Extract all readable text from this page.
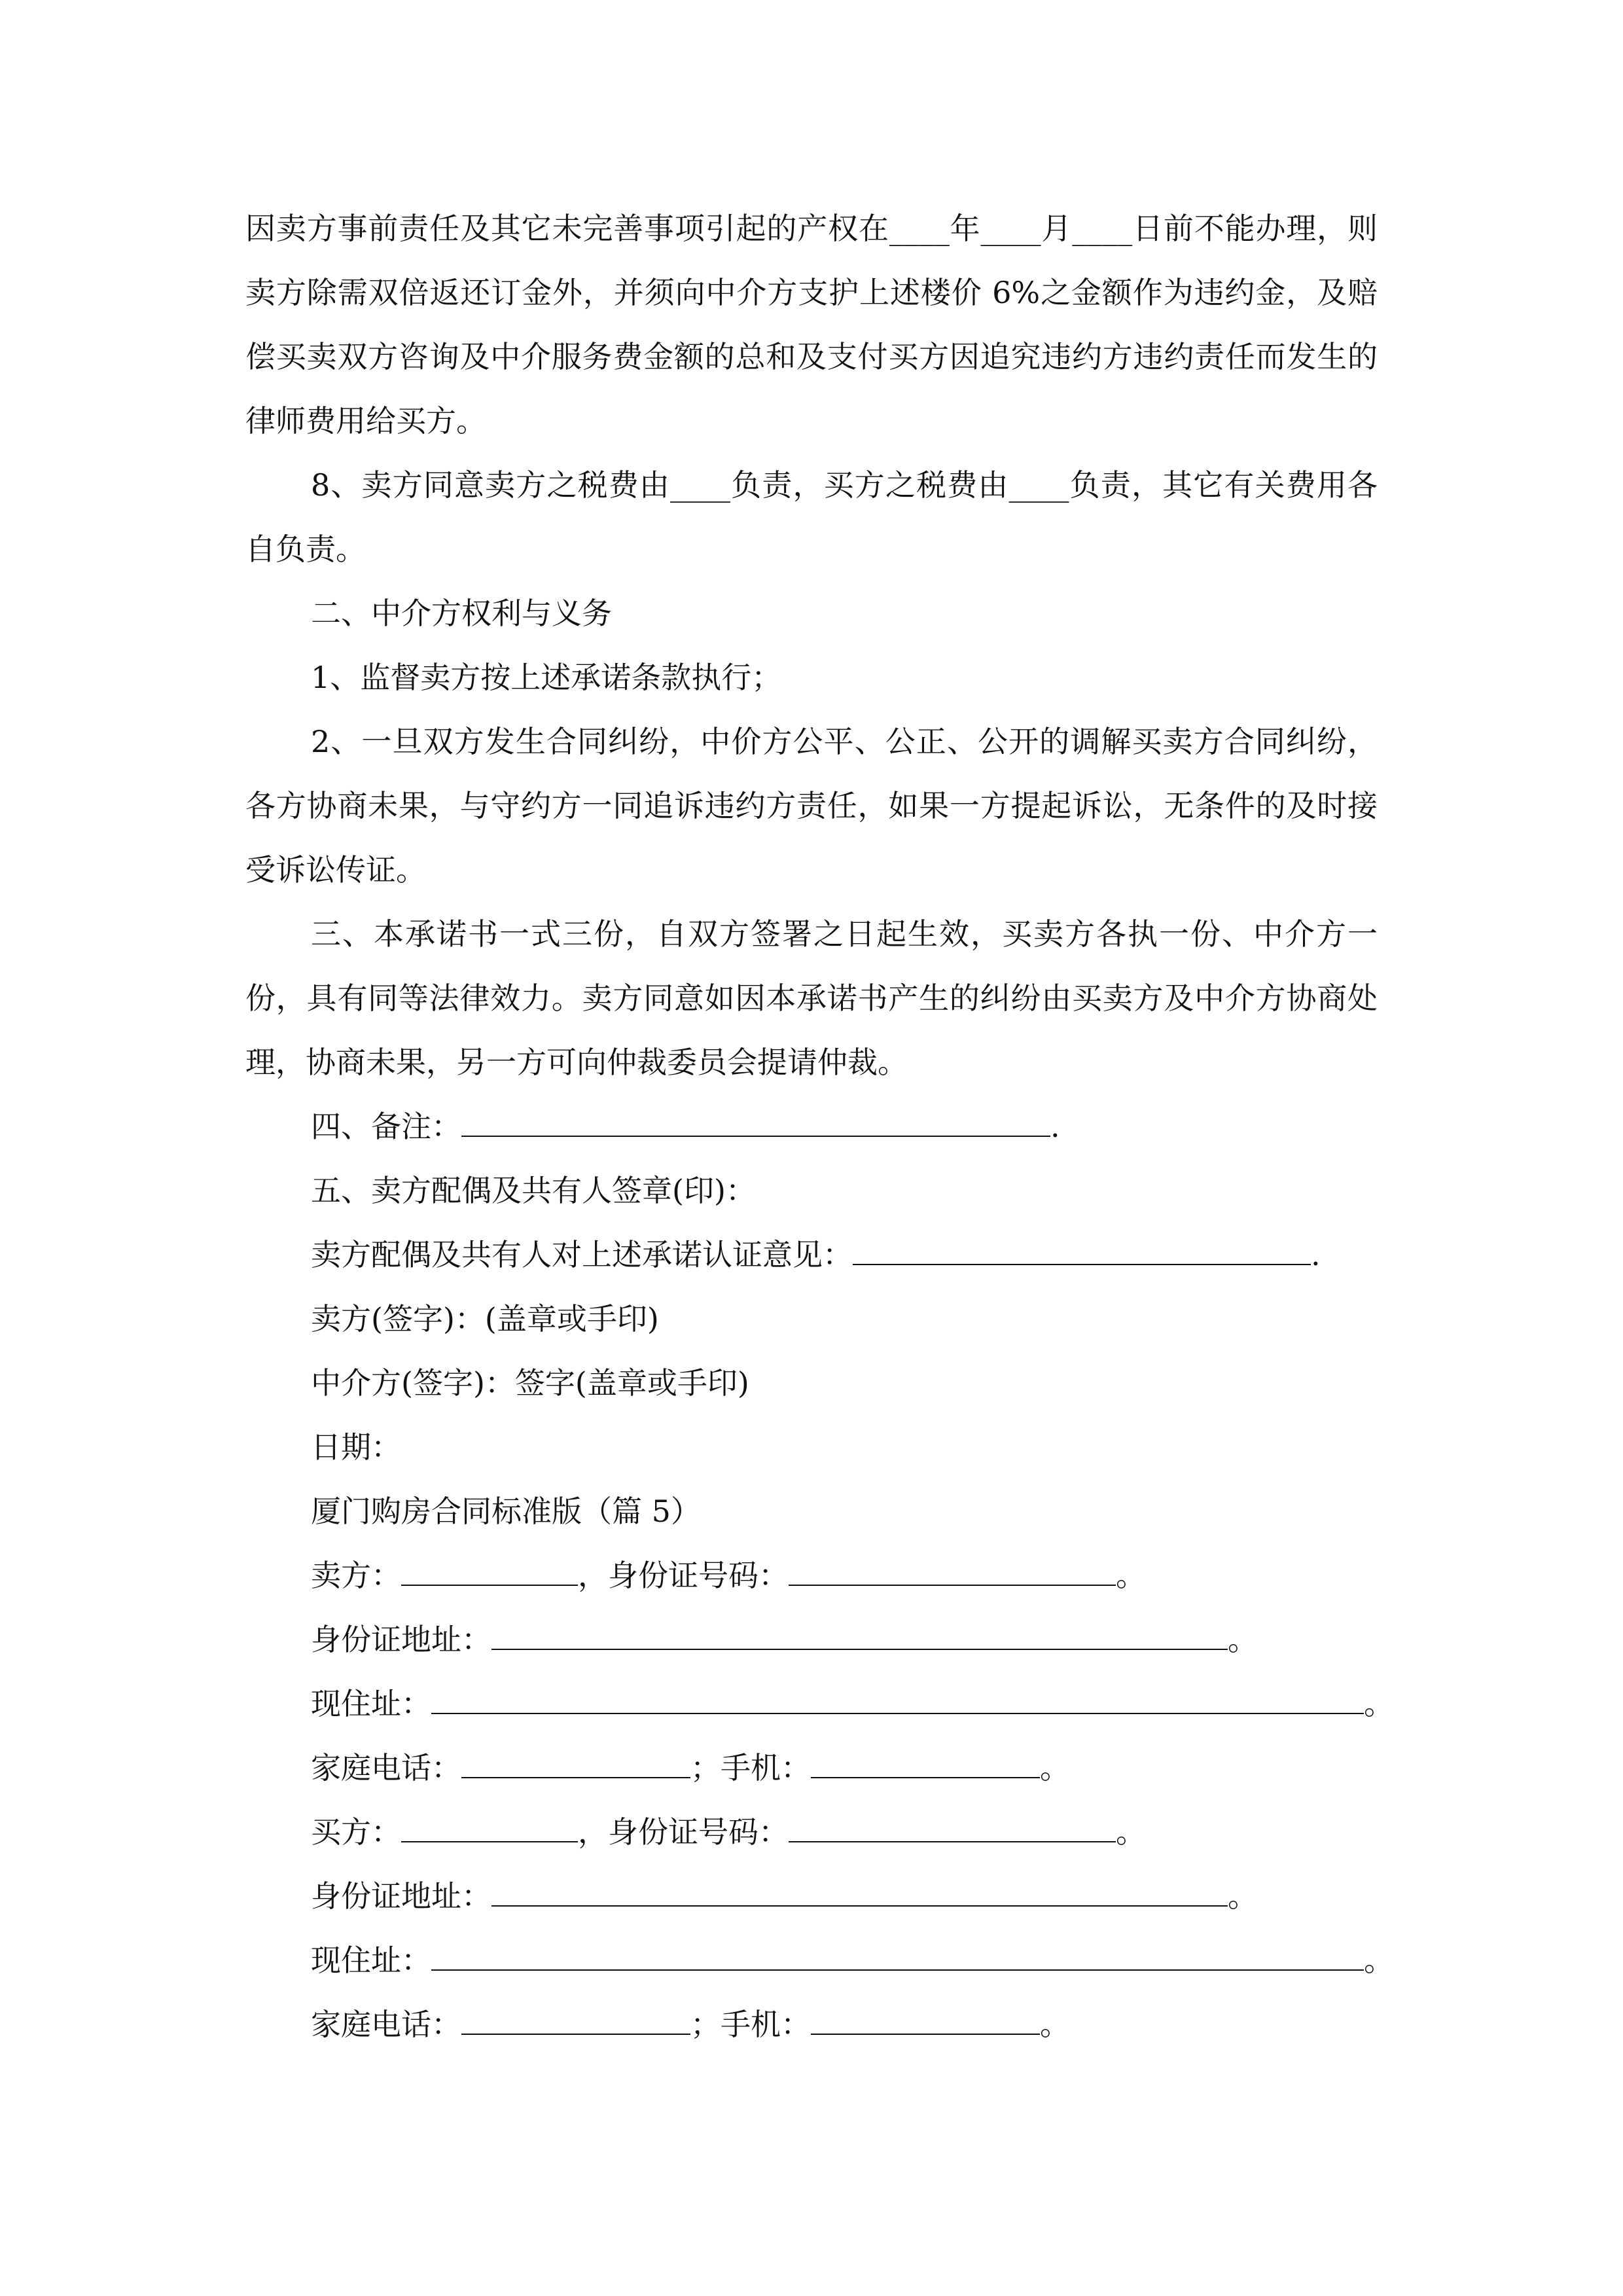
因卖方事前责任及其它未完善事项引起的产权在____年____月____日前不能办理，则卖方除需双倍返还订金外，并须向中介方支护上述楼价 6%之金额作为违约金，及赔偿买卖双方咨询及中介服务费金额的总和及支付买方因追究违约方违约责任而发生的律师费用给买方。

8、卖方同意卖方之税费由____负责，买方之税费由____负责，其它有关费用各自负责。

二、中介方权利与义务

1、监督卖方按上述承诺条款执行；

2、一旦双方发生合同纠纷，中价方公平、公正、公开的调解买卖方合同纠纷，各方协商未果，与守约方一同追诉违约方责任，如果一方提起诉讼，无条件的及时接受诉讼传证。

三、本承诺书一式三份，自双方签署之日起生效，买卖方各执一份、中介方一份，具有同等法律效力。卖方同意如因本承诺书产生的纠纷由买卖方及中介方协商处理，协商未果，另一方可向仲裁委员会提请仲裁。

四、备注：	.

五、卖方配偶及共有人签章(印)：

卖方配偶及共有人对上述承诺认证意见：	.

卖方(签字)：(盖章或手印)

中介方(签字)：签字(盖章或手印)

日期：

厦门购房合同标准版（篇 5）

卖方：	，身份证号码：	。

身份证地址：	。

现住址：	。

家庭电话：	；手机：	。

买方：	，身份证号码：	。

身份证地址：	。

现住址：	。

家庭电话：	；手机：	。
